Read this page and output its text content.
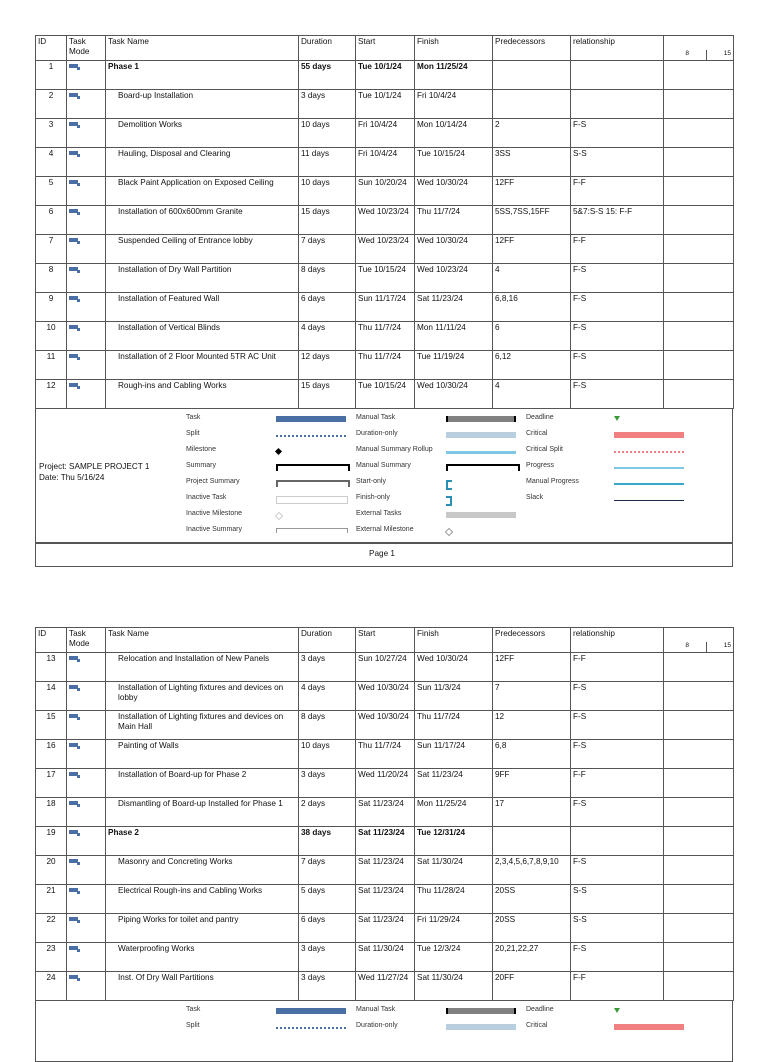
ID	Task
Mode	Task Name	Duration	Start	Finish	Predecessors	relationship	8 15

1		Phase 1	55 days	Tue 10/1/24	Mon 11/25/24			
2		Board-up Installation	3 days	Tue 10/1/24	Fri 10/4/24			
3		Demolition Works	10 days	Fri 10/4/24	Mon 10/14/24	2	F-S	
4		Hauling, Disposal and Clearing	11 days	Fri 10/4/24	Tue 10/15/24	3SS	S-S	
5		Black Paint Application on Exposed Ceiling	10 days	Sun 10/20/24	Wed 10/30/24	12FF	F-F	
6		Installation of 600x600mm Granite	15 days	Wed 10/23/24	Thu 11/7/24	5SS,7SS,15FF	5&7:S-S 15: F-F	
7		Suspended Ceiling of Entrance lobby	7 days	Wed 10/23/24	Wed 10/30/24	12FF	F-F	
8		Installation of Dry Wall Partition	8 days	Tue 10/15/24	Wed 10/23/24	4	F-S	
9		Installation of Featured Wall	6 days	Sun 11/17/24	Sat 11/23/24	6,8,16	F-S	
10		Installation of Vertical Blinds	4 days	Thu 11/7/24	Mon 11/11/24	6	F-S	
11		Installation of 2 Floor Mounted 5TR AC Unit	12 days	Thu 11/7/24	Tue 11/19/24	6,12	F-S	
12		Rough-ins and Cabling Works	15 days	Tue 10/15/24	Wed 10/30/24	4	F-S	
Project: SAMPLE PROJECT 1
Date: Thu 5/16/24
Task
Split
Milestone
Summary
Project Summary
Inactive Task
Inactive Milestone
Inactive Summary
Manual Task
Duration-only
Manual Summary Rollup
Manual Summary
Start-only
Finish-only
External Tasks
External Milestone
Deadline
Critical
Critical Split
Progress
Manual Progress
Slack
Page 1
ID	Task
Mode	Task Name	Duration	Start	Finish	Predecessors	relationship	8 15

13		Relocation and Installation of New Panels	3 days	Sun 10/27/24	Wed 10/30/24	12FF	F-F	
14		Installation of Lighting fixtures and devices on lobby	4 days	Wed 10/30/24	Sun 11/3/24	7	F-S	
15		Installation of Lighting fixtures and devices on Main Hall	8 days	Wed 10/30/24	Thu 11/7/24	12	F-S	
16		Painting of Walls	10 days	Thu 11/7/24	Sun 11/17/24	6,8	F-S	
17		Installation of Board-up for Phase 2	3 days	Wed 11/20/24	Sat 11/23/24	9FF	F-F	
18		Dismantling of Board-up Installed for Phase 1	2 days	Sat 11/23/24	Mon 11/25/24	17	F-S	
19		Phase 2	38 days	Sat 11/23/24	Tue 12/31/24			
20		Masonry and Concreting Works	7 days	Sat 11/23/24	Sat 11/30/24	2,3,4,5,6,7,8,9,10	F-S	
21		Electrical Rough-ins and Cabling Works	5 days	Sat 11/23/24	Thu 11/28/24	20SS	S-S	
22		Piping Works for toilet and pantry	6 days	Sat 11/23/24	Fri 11/29/24	20SS	S-S	
23		Waterproofing Works	3 days	Sat 11/30/24	Tue 12/3/24	20,21,22,27	F-S	
24		Inst. Of Dry Wall Partitions	3 days	Wed 11/27/24	Sat 11/30/24	20FF	F-F	
Task
Split
Manual Task
Duration-only
Deadline
Critical
